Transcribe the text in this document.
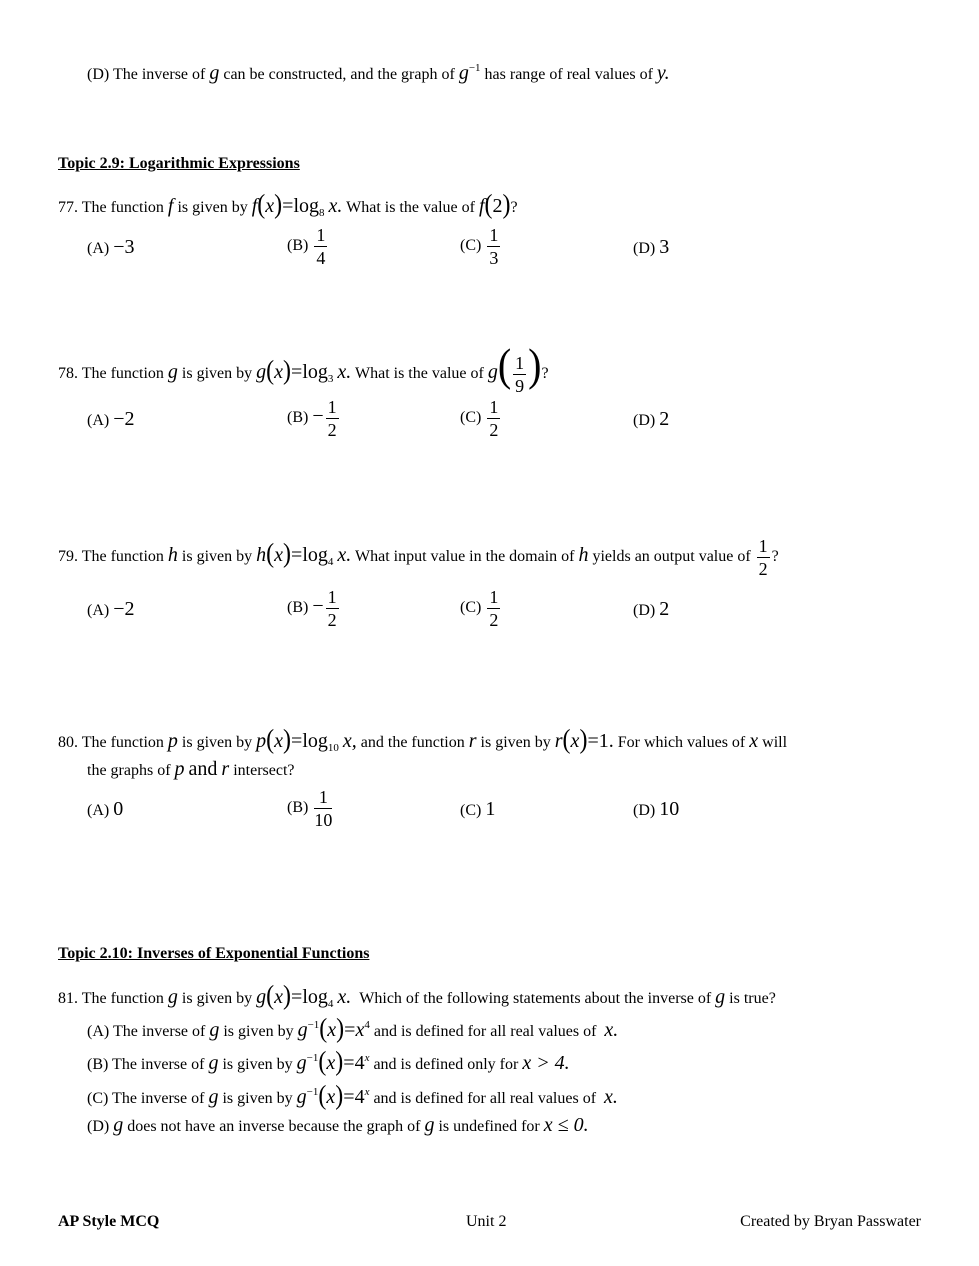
(D) The inverse of g can be constructed, and the graph of $g^{-1}$ has range of real values of y.
Topic 2.9: Logarithmic Expressions
77. The function f is given by $f(x)=\log_8$ x. What is the value of f(2)?
(A) −3	$(B) \frac{1}{4}$	$(C) \frac{1}{3}$	(D) 3
78. The function g is given by $g(x)=\log_3$ x. What is the value of $g( \frac{1}{9}$ )?
(A) −2	$(B) - \frac{1}{2}$	$(C) \frac{1}{2}$	(D) 2
79. The function h is given by $h(x)=\log_4$ x. What input value in the domain of h yields an output value of $\frac{1}{2}$ ?
(A) −2	$(B) - \frac{1}{2}$	$(C) \frac{1}{2}$	(D) 2
80. The function p is given by $p(x)=\log_{10}$ x, and the function r is given by r(x)=1. For which values of x will
the graphs of p and r intersect?
(A) 0	$(B) \frac{1}{10}$	(C) 1	(D) 10
Topic 2.10: Inverses of Exponential Functions
81. The function g is given by $g(x)=\log_4$ x. Which of the following statements about the inverse of g is true?
(A) The inverse of g is given by $g^{-1}(x)=x^4$ and is defined for all real values of x.
(B) The inverse of g is given by $g^{-1}(x)=4^x$ and is defined only for x > 4.
(C) The inverse of g is given by $g^{-1}(x)=4^x$ and is defined for all real values of x.
(D) g does not have an inverse because the graph of g is undefined for x ≤ 0.
AP Style MCQ	Unit 2	Created by Bryan Passwater
